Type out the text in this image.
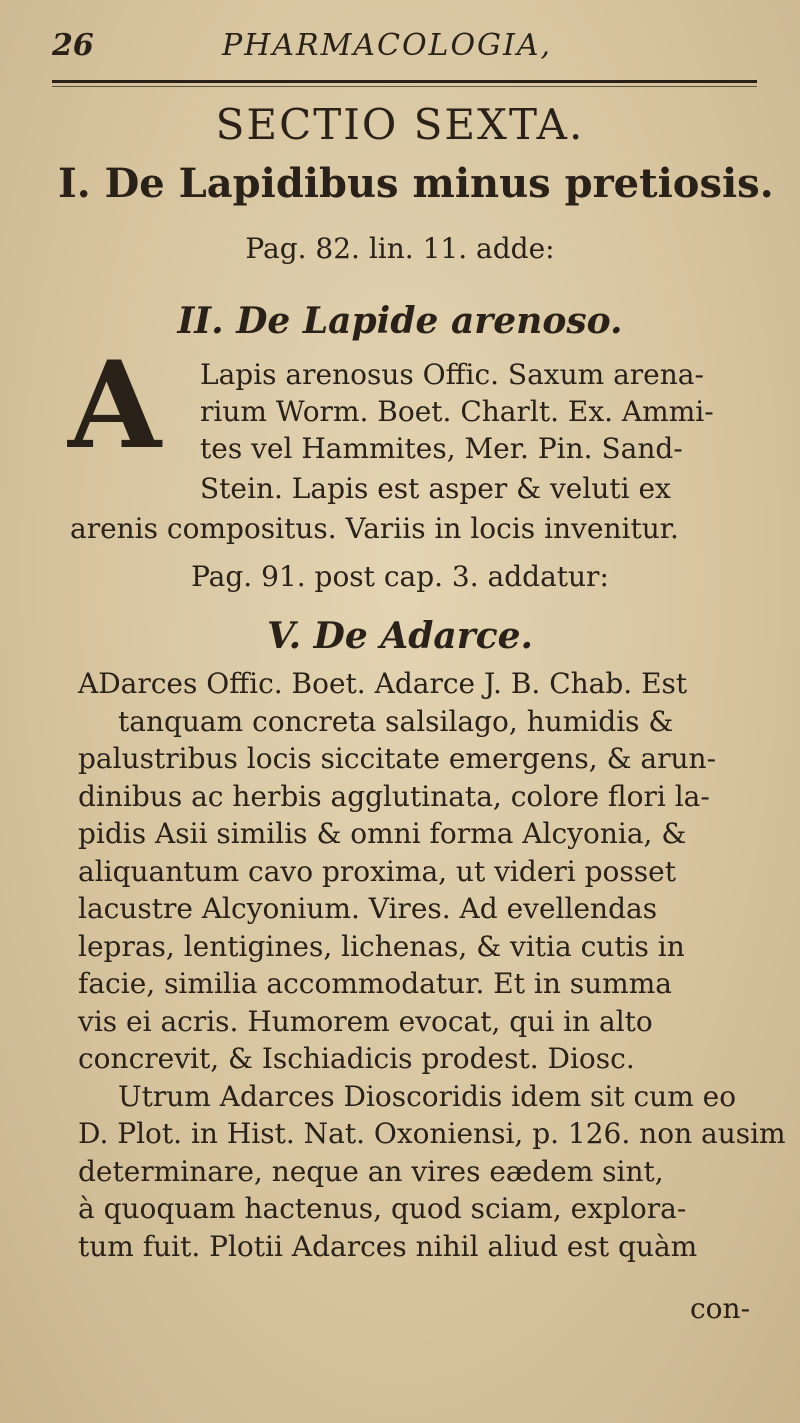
26	PHARMACOLOGIA,
SECTIO SEXTA.
I. De Lapidibus minus pretiosis.
Pag. 82. lin. 11. adde:
II. De Lapide arenoso.
A Lapis arenosus Offic. Saxum arena-
rium Worm. Boet. Charlt. Ex. Ammi-
tes vel Hammites, Mer. Pin. Sand-
Stein. Lapis est asper & veluti ex
arenis compositus. Variis in locis invenitur.
Pag. 91. post cap. 3. addatur:
V. De Adarce.
ADarces Offic. Boet. Adarce J. B. Chab. Est
tanquam concreta salsilago, humidis &
palustribus locis siccitate emergens, & arun-
dinibus ac herbis agglutinata, colore flori la-
pidis Asii similis & omni forma Alcyonia, &
aliquantum cavo proxima, ut videri posset
lacustre Alcyonium. Vires. Ad evellendas
lepras, lentigines, lichenas, & vitia cutis in
facie, similia accommodatur. Et in summa
vis ei acris. Humorem evocat, qui in alto
concrevit, & Ischiadicis prodest. Diosc.
Utrum Adarces Dioscoridis idem sit cum eo
D. Plot. in Hist. Nat. Oxoniensi, p. 126. non ausim
determinare, neque an vires eædem sint,
à quoquam hactenus, quod sciam, explora-
tum fuit. Plotii Adarces nihil aliud est quàm
con-
